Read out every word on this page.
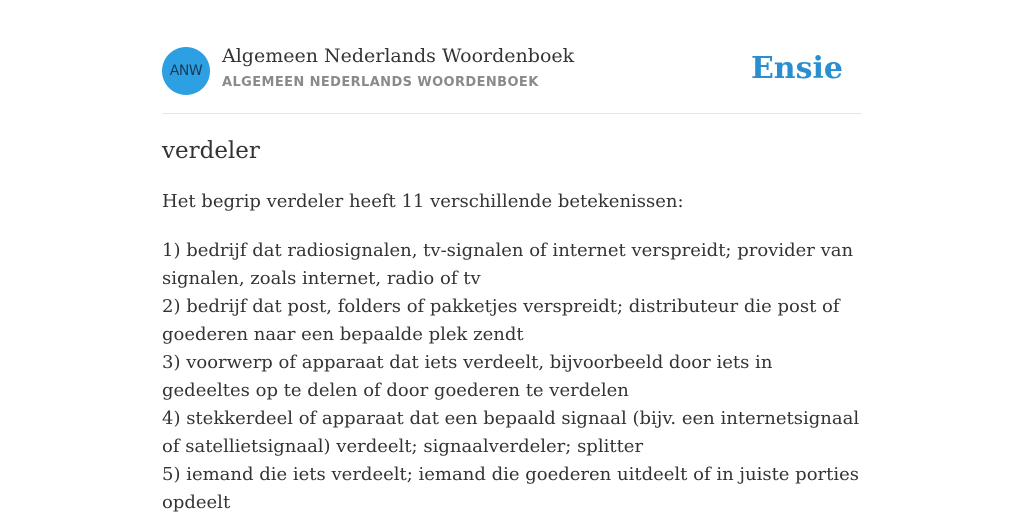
ANW
Algemeen Nederlands Woordenboek
ALGEMEEN NEDERLANDS WOORDENBOEK	Ensie
verdeler

Het begrip verdeler heeft 11 verschillende betekenissen:

1) bedrijf dat radiosignalen, tv-signalen of internet verspreidt; provider van signalen, zoals internet, radio of tv
2) bedrijf dat post, folders of pakketjes verspreidt; distributeur die post of goederen naar een bepaalde plek zendt
3) voorwerp of apparaat dat iets verdeelt, bijvoorbeeld door iets in gedeeltes op te delen of door goederen te verdelen
4) stekkerdeel of apparaat dat een bepaald signaal (bijv. een internetsignaal of satellietsignaal) verdeelt; signaalverdeler; splitter
5) iemand die iets verdeelt; iemand die goederen uitdeelt of in juiste porties opdeelt
